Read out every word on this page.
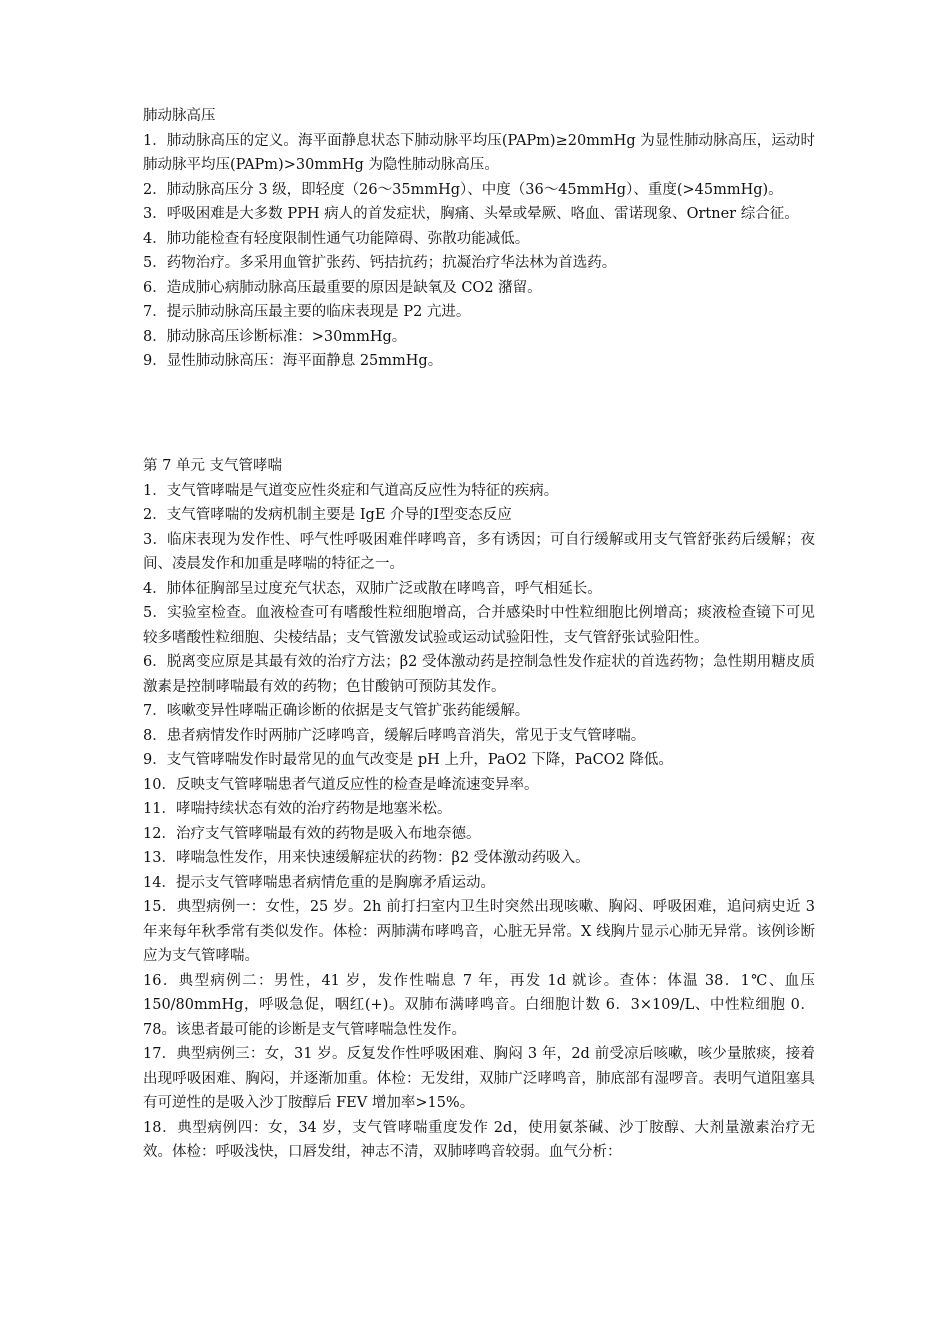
肺动脉高压

1．肺动脉高压的定义。海平面静息状态下肺动脉平均压(PAPm)≥20mmHg 为显性肺动脉高压，运动时肺动脉平均压(PAPm)>30mmHg 为隐性肺动脉高压。

2．肺动脉高压分 3 级，即轻度（26～35mmHg）、中度（36～45mmHg）、重度(>45mmHg)。

3．呼吸困难是大多数 PPH 病人的首发症状，胸痛、头晕或晕厥、咯血、雷诺现象、Ortner 综合征。

4．肺功能检查有轻度限制性通气功能障碍、弥散功能减低。

5．药物治疗。多采用血管扩张药、钙拮抗药；抗凝治疗华法林为首选药。

6．造成肺心病肺动脉高压最重要的原因是缺氧及 CO2 潴留。

7．提示肺动脉高压最主要的临床表现是 P2 亢进。

8．肺动脉高压诊断标准：>30mmHg。

9．显性肺动脉高压：海平面静息 25mmHg。

第 7 单元 支气管哮喘

1．支气管哮喘是气道变应性炎症和气道高反应性为特征的疾病。

2．支气管哮喘的发病机制主要是 IgE 介导的Ⅰ型变态反应

3．临床表现为发作性、呼气性呼吸困难伴哮鸣音，多有诱因；可自行缓解或用支气管舒张药后缓解；夜间、凌晨发作和加重是哮喘的特征之一。

4．肺体征胸部呈过度充气状态，双肺广泛或散在哮鸣音，呼气相延长。

5．实验室检查。血液检查可有嗜酸性粒细胞增高，合并感染时中性粒细胞比例增高；痰液检查镜下可见较多嗜酸性粒细胞、尖棱结晶；支气管激发试验或运动试验阳性，支气管舒张试验阳性。

6．脱离变应原是其最有效的治疗方法；β2 受体激动药是控制急性发作症状的首选药物；急性期用糖皮质激素是控制哮喘最有效的药物；色甘酸钠可预防其发作。

7．咳嗽变异性哮喘正确诊断的依据是支气管扩张药能缓解。

8．患者病情发作时两肺广泛哮鸣音，缓解后哮鸣音消失，常见于支气管哮喘。

9．支气管哮喘发作时最常见的血气改变是 pH 上升，PaO2 下降，PaCO2 降低。

10．反映支气管哮喘患者气道反应性的检查是峰流速变异率。

11．哮喘持续状态有效的治疗药物是地塞米松。

12．治疗支气管哮喘最有效的药物是吸入布地奈德。

13．哮喘急性发作，用来快速缓解症状的药物：β2 受体激动药吸入。

14．提示支气管哮喘患者病情危重的是胸廓矛盾运动。

15．典型病例一：女性，25 岁。2h 前打扫室内卫生时突然出现咳嗽、胸闷、呼吸困难，追问病史近 3 年来每年秋季常有类似发作。体检：两肺满布哮鸣音，心脏无异常。X 线胸片显示心肺无异常。该例诊断应为支气管哮喘。

16．典型病例二：男性，41 岁，发作性喘息 7 年，再发 1d 就诊。查体：体温 38．1℃、血压 150/80mmHg，呼吸急促，咽红(+)。双肺布满哮鸣音。白细胞计数 6．3×109/L、中性粒细胞 0．78。该患者最可能的诊断是支气管哮喘急性发作。

17．典型病例三：女，31 岁。反复发作性呼吸困难、胸闷 3 年，2d 前受凉后咳嗽，咳少量脓痰，接着出现呼吸困难、胸闷，并逐渐加重。体检：无发绀，双肺广泛哮鸣音，肺底部有湿啰音。表明气道阻塞具有可逆性的是吸入沙丁胺醇后 FEV 增加率>15%。

18．典型病例四：女，34 岁，支气管哮喘重度发作 2d，使用氨茶碱、沙丁胺醇、大剂量激素治疗无效。体检：呼吸浅快，口唇发绀，神志不清，双肺哮鸣音较弱。血气分析：
